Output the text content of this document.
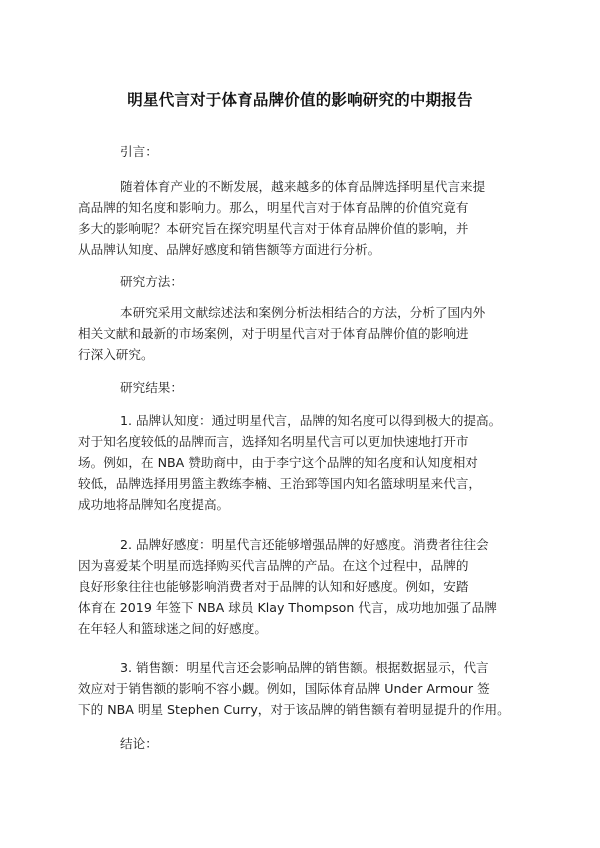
明星代言对于体育品牌价值的影响研究的中期报告
引言：
随着体育产业的不断发展，越来越多的体育品牌选择明星代言来提
高品牌的知名度和影响力。那么，明星代言对于体育品牌的价值究竟有
多大的影响呢？本研究旨在探究明星代言对于体育品牌价值的影响，并
从品牌认知度、品牌好感度和销售额等方面进行分析。
研究方法：
本研究采用文献综述法和案例分析法相结合的方法，分析了国内外
相关文献和最新的市场案例，对于明星代言对于体育品牌价值的影响进
行深入研究。
研究结果：
1. 品牌认知度：通过明星代言，品牌的知名度可以得到极大的提高。
对于知名度较低的品牌而言，选择知名明星代言可以更加快速地打开市
场。例如，在 NBA 赞助商中，由于李宁这个品牌的知名度和认知度相对
较低，品牌选择用男篮主教练李楠、王治郅等国内知名篮球明星来代言，
成功地将品牌知名度提高。
2. 品牌好感度：明星代言还能够增强品牌的好感度。消费者往往会
因为喜爱某个明星而选择购买代言品牌的产品。在这个过程中，品牌的
良好形象往往也能够影响消费者对于品牌的认知和好感度。例如，安踏
体育在 2019 年签下 NBA 球员 Klay Thompson 代言，成功地加强了品牌
在年轻人和篮球迷之间的好感度。
3. 销售额：明星代言还会影响品牌的销售额。根据数据显示，代言
效应对于销售额的影响不容小觑。例如，国际体育品牌 Under Armour 签
下的 NBA 明星 Stephen Curry，对于该品牌的销售额有着明显提升的作用。
结论：
